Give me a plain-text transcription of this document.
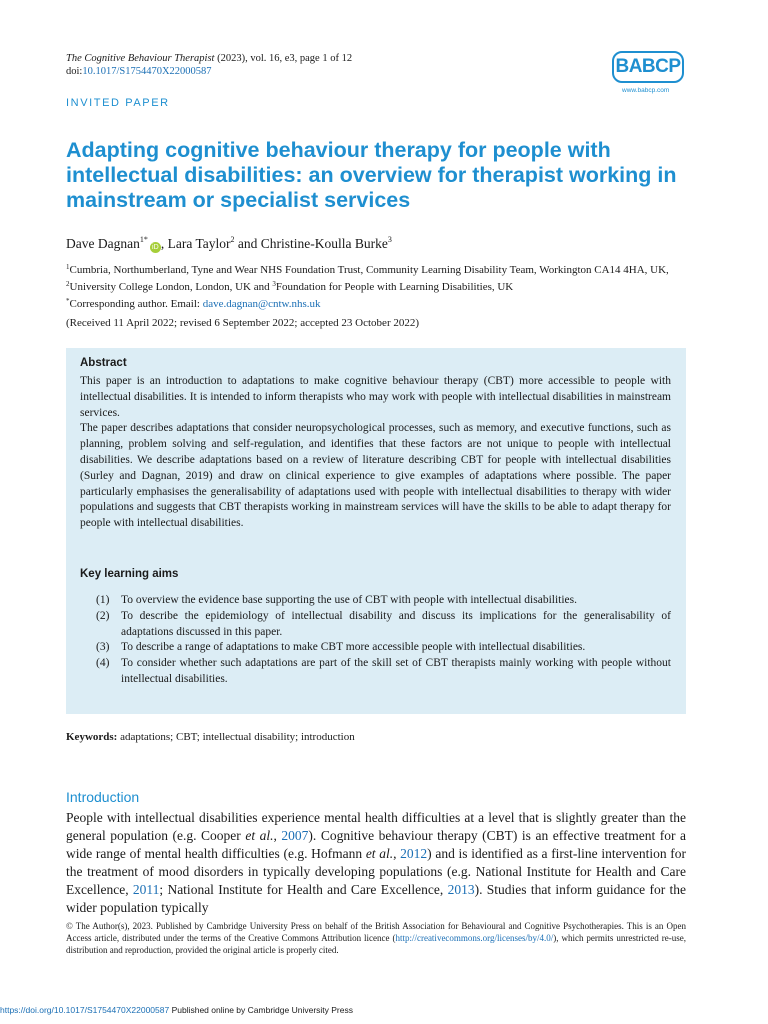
The Cognitive Behaviour Therapist (2023), vol. 16, e3, page 1 of 12
doi:10.1017/S1754470X22000587	BABCP
www.babcp.com
INVITED PAPER
Adapting cognitive behaviour therapy for people with intellectual disabilities: an overview for therapist working in mainstream or specialist services
Dave Dagnan$^{1*}$iD , Lara Taylor$^2$ and Christine-Koulla Burke$^3$
$^1$Cumbria, Northumberland, Tyne and Wear NHS Foundation Trust, Community Learning Disability Team, Workington CA14 4HA, UK, $^2$University College London, London, UK and $^3$Foundation for People with Learning Disabilities, UK
*Corresponding author. Email: dave.dagnan@cntw.nhs.uk
(Received 11 April 2022; revised 6 September 2022; accepted 23 October 2022)
Abstract

This paper is an introduction to adaptations to make cognitive behaviour therapy (CBT) more accessible to people with intellectual disabilities. It is intended to inform therapists who may work with people with intellectual disabilities in mainstream services.

The paper describes adaptations that consider neuropsychological processes, such as memory, and executive functions, such as planning, problem solving and self-regulation, and identifies that these factors are not unique to people with intellectual disabilities. We describe adaptations based on a review of literature describing CBT for people with intellectual disabilities (Surley and Dagnan, 2019) and draw on clinical experience to give examples of adaptations where possible. The paper particularly emphasises the generalisability of adaptations used with people with intellectual disabilities to therapy with wider populations and suggests that CBT therapists working in mainstream services will have the skills to be able to adapt therapy for people with intellectual disabilities.

Key learning aims
(1)	To overview the evidence base supporting the use of CBT with people with intellectual disabilities.
(2)	To describe the epidemiology of intellectual disability and discuss its implications for the generalisability of adaptations discussed in this paper.
(3)	To describe a range of adaptations to make CBT more accessible people with intellectual disabilities.
(4)	To consider whether such adaptations are part of the skill set of CBT therapists mainly working with people without intellectual disabilities.
Keywords: adaptations; CBT; intellectual disability; introduction
Introduction
People with intellectual disabilities experience mental health difficulties at a level that is slightly greater than the general population (e.g. Cooper et al., 2007). Cognitive behaviour therapy (CBT) is an effective treatment for a wide range of mental health difficulties (e.g. Hofmann et al., 2012) and is identified as a first-line intervention for the treatment of mood disorders in typically developing populations (e.g. National Institute for Health and Care Excellence, 2011; National Institute for Health and Care Excellence, 2013). Studies that inform guidance for the wider population typically
© The Author(s), 2023. Published by Cambridge University Press on behalf of the British Association for Behavioural and Cognitive Psychotherapies. This is an Open Access article, distributed under the terms of the Creative Commons Attribution licence (http://creativecommons.org/licenses/by/4.0/), which permits unrestricted re-use, distribution and reproduction, provided the original article is properly cited.
https://doi.org/10.1017/S1754470X22000587 Published online by Cambridge University Press
